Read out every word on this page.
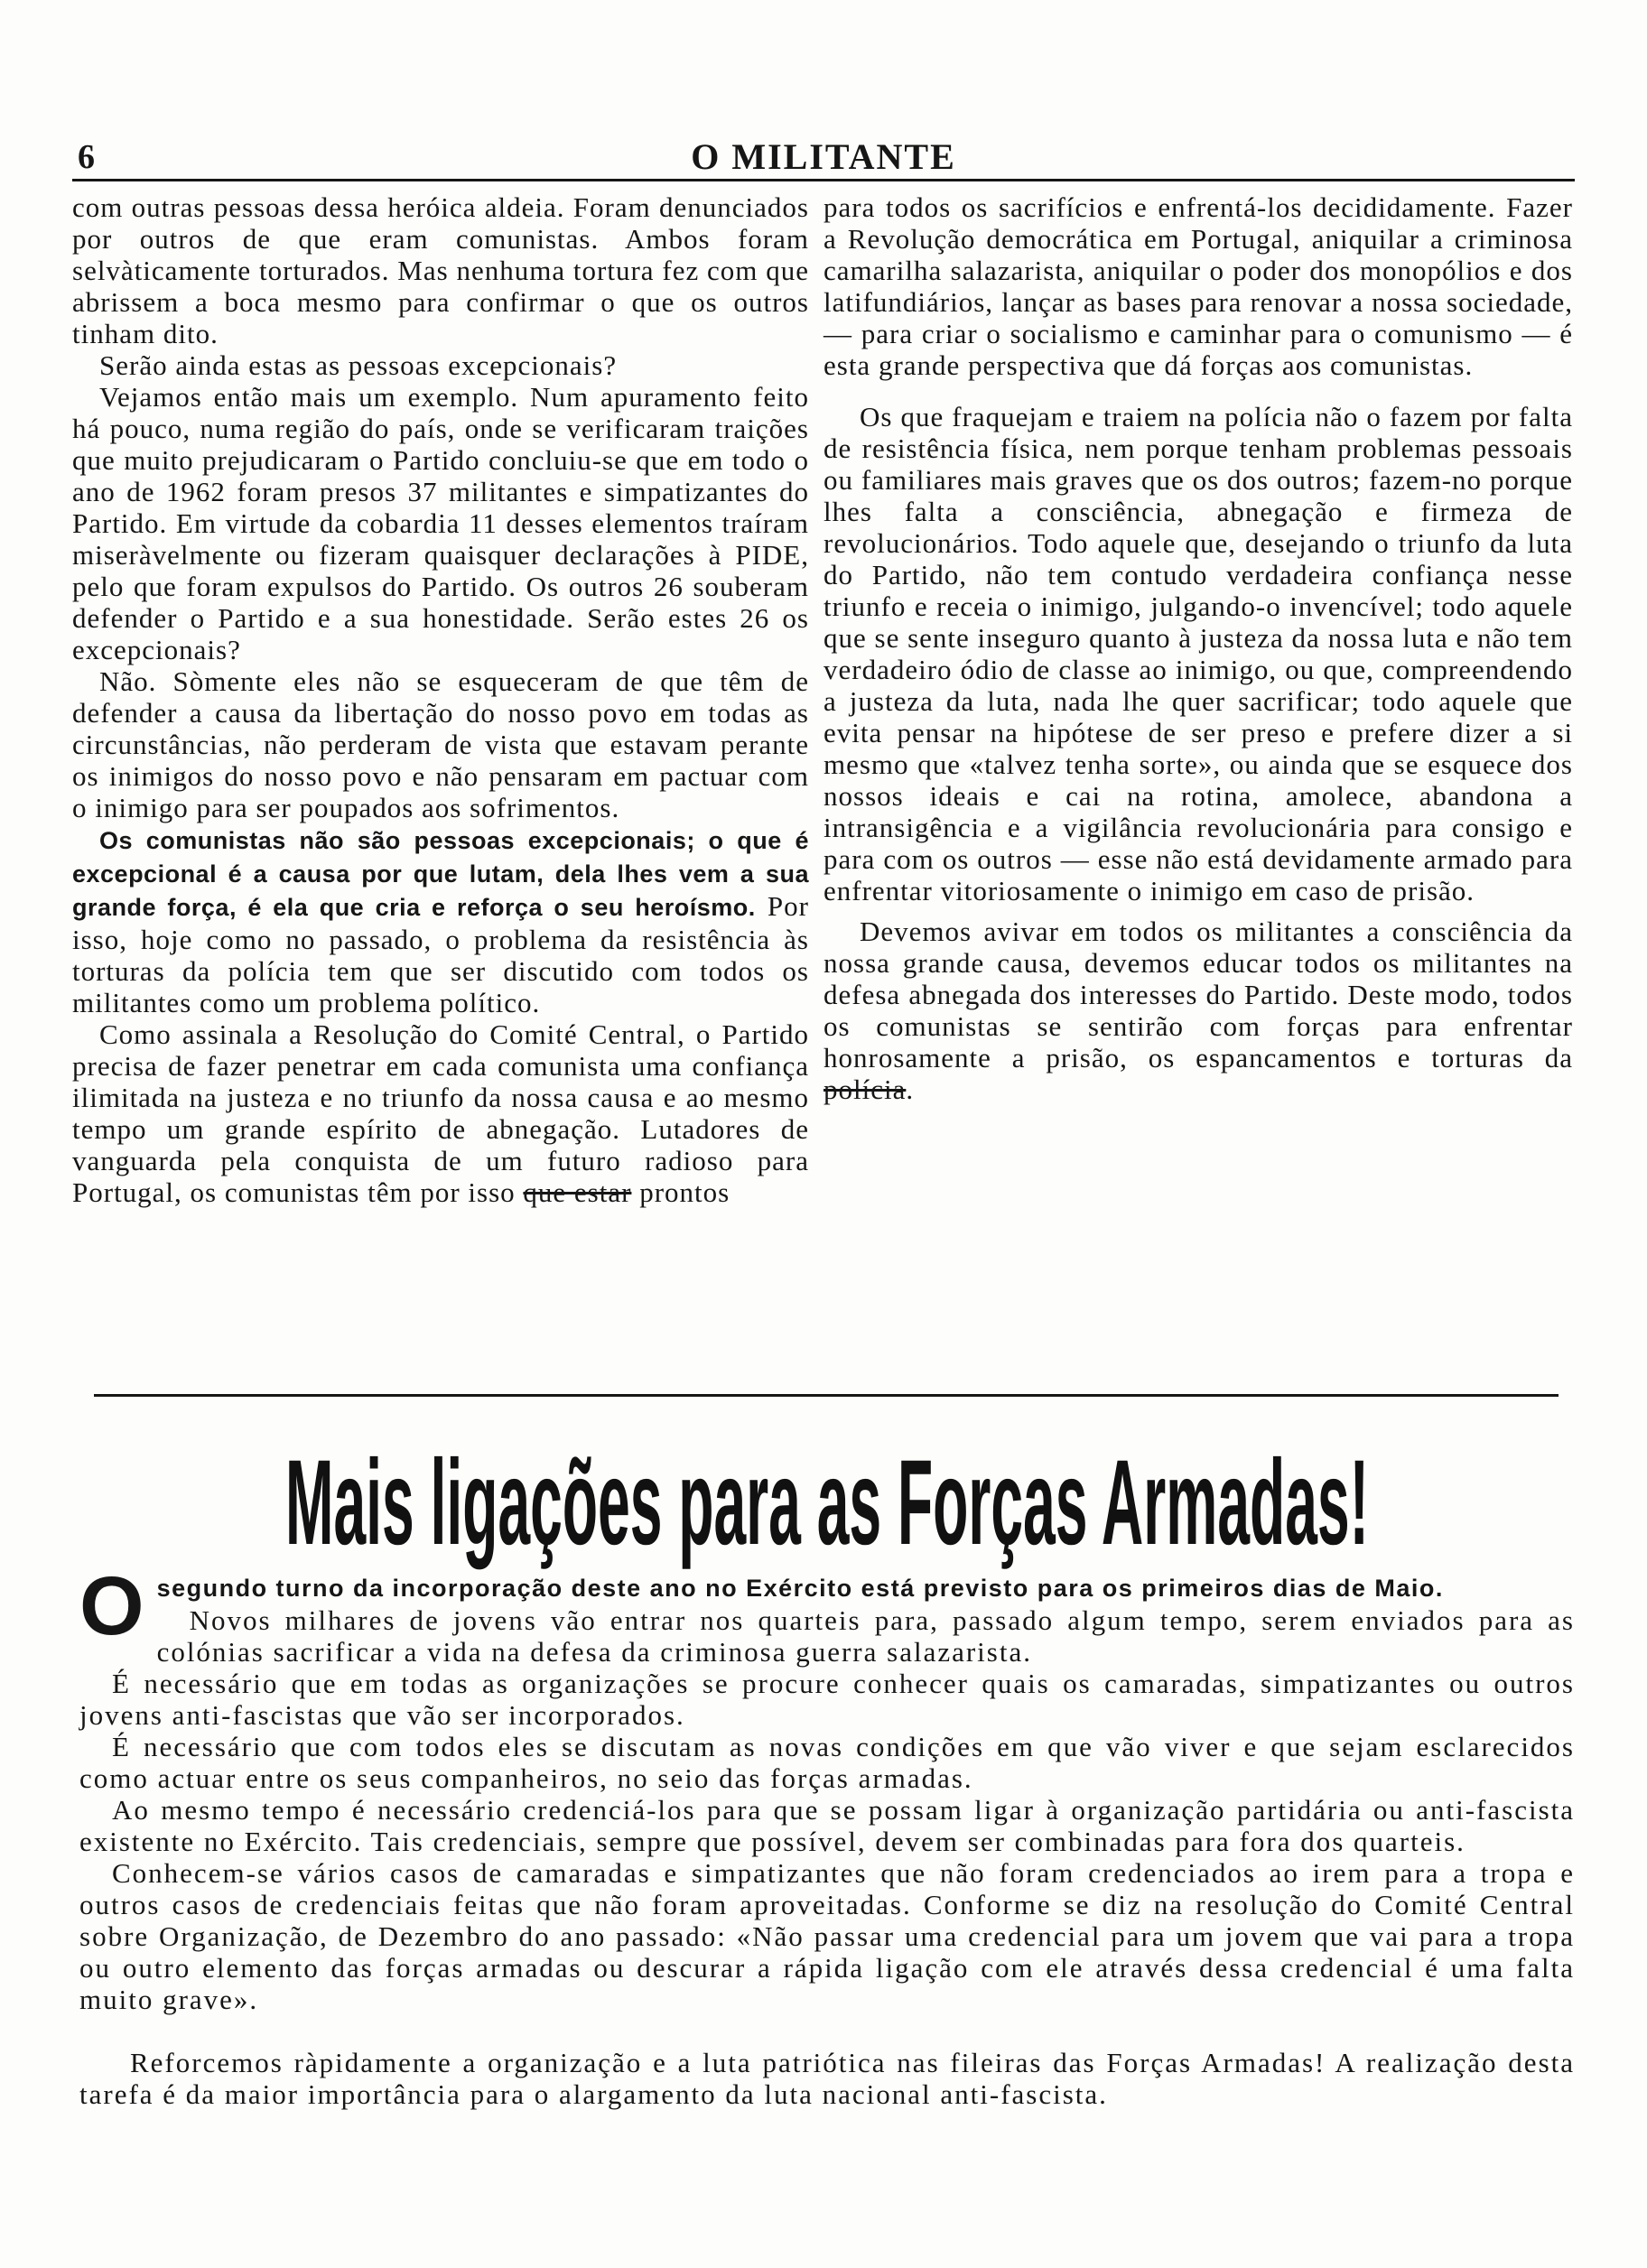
6	O MILITANTE

com outras pessoas dessa heróica aldeia. Foram denunciados por outros de que eram comunistas. Ambos foram selvàticamente torturados. Mas nenhuma tortura fez com que abrissem a boca mesmo para confirmar o que os outros tinham dito.

Serão ainda estas as pessoas excepcionais?

Vejamos então mais um exemplo. Num apuramento feito há pouco, numa região do país, onde se verificaram traições que muito prejudicaram o Partido concluiu-se que em todo o ano de 1962 foram presos 37 militantes e simpatizantes do Partido. Em virtude da cobardia 11 desses elementos traíram miseràvelmente ou fizeram quaisquer declarações à PIDE, pelo que foram expulsos do Partido. Os outros 26 souberam defender o Partido e a sua honestidade. Serão estes 26 os excepcionais?

Não. Sòmente eles não se esqueceram de que têm de defender a causa da libertação do nosso povo em todas as circunstâncias, não perderam de vista que estavam perante os inimigos do nosso povo e não pensaram em pactuar com o inimigo para ser poupados aos sofrimentos.

Os comunistas não são pessoas excepcionais; o que é excepcional é a causa por que lutam, dela lhes vem a sua grande força, é ela que cria e reforça o seu heroísmo. Por isso, hoje como no passado, o problema da resistência às torturas da polícia tem que ser discutido com todos os militantes como um problema político.

Como assinala a Resolução do Comité Central, o Partido precisa de fazer penetrar em cada comunista uma confiança ilimitada na justeza e no triunfo da nossa causa e ao mesmo tempo um grande espírito de abnegação. Lutadores de vanguarda pela conquista de um futuro radioso para Portugal, os comunistas têm por isso que estar prontos

para todos os sacrifícios e enfrentá-los decididamente. Fazer a Revolução democrática em Portugal, aniquilar a criminosa camarilha salazarista, aniquilar o poder dos monopólios e dos latifundiários, lançar as bases para renovar a nossa sociedade, — para criar o socialismo e caminhar para o comunismo — é esta grande perspectiva que dá forças aos comunistas.

Os que fraquejam e traiem na polícia não o fazem por falta de resistência física, nem porque tenham problemas pessoais ou familiares mais graves que os dos outros; fazem-no porque lhes falta a consciência, abnegação e firmeza de revolucionários. Todo aquele que, desejando o triunfo da luta do Partido, não tem contudo verdadeira confiança nesse triunfo e receia o inimigo, julgando-o invencível; todo aquele que se sente inseguro quanto à justeza da nossa luta e não tem verdadeiro ódio de classe ao inimigo, ou que, compreendendo a justeza da luta, nada lhe quer sacrificar; todo aquele que evita pensar na hipótese de ser preso e prefere dizer a si mesmo que «talvez tenha sorte», ou ainda que se esquece dos nossos ideais e cai na rotina, amolece, abandona a intransigência e a vigilância revolucionária para consigo e para com os outros — esse não está devidamente armado para enfrentar vitoriosamente o inimigo em caso de prisão.

Devemos avivar em todos os militantes a consciência da nossa grande causa, devemos educar todos os militantes na defesa abnegada dos interesses do Partido. Deste modo, todos os comunistas se sentirão com forças para enfrentar honrosamente a prisão, os espancamentos e torturas da polícia.

Mais ligações para as Forças Armadas!

Osegundo turno da incorporação deste ano no Exército está previsto para os primeiros dias de Maio.

Novos milhares de jovens vão entrar nos quarteis para, passado algum tempo, serem enviados para as colónias sacrificar a vida na defesa da criminosa guerra salazarista.

É necessário que em todas as organizações se procure conhecer quais os camaradas, simpatizantes ou outros jovens anti-fascistas que vão ser incorporados.

É necessário que com todos eles se discutam as novas condições em que vão viver e que sejam esclarecidos como actuar entre os seus companheiros, no seio das forças armadas.

Ao mesmo tempo é necessário credenciá-los para que se possam ligar à organização partidária ou anti-fascista existente no Exército. Tais credenciais, sempre que possível, devem ser combinadas para fora dos quarteis.

Conhecem-se vários casos de camaradas e simpatizantes que não foram credenciados ao irem para a tropa e outros casos de credenciais feitas que não foram aproveitadas. Conforme se diz na resolução do Comité Central sobre Organização, de Dezembro do ano passado: «Não passar uma credencial para um jovem que vai para a tropa ou outro elemento das forças armadas ou descurar a rápida ligação com ele através dessa credencial é uma falta muito grave».

Reforcemos ràpidamente a organização e a luta patriótica nas fileiras das Forças Armadas! A realização desta tarefa é da maior importância para o alargamento da luta nacional anti-fascista.
